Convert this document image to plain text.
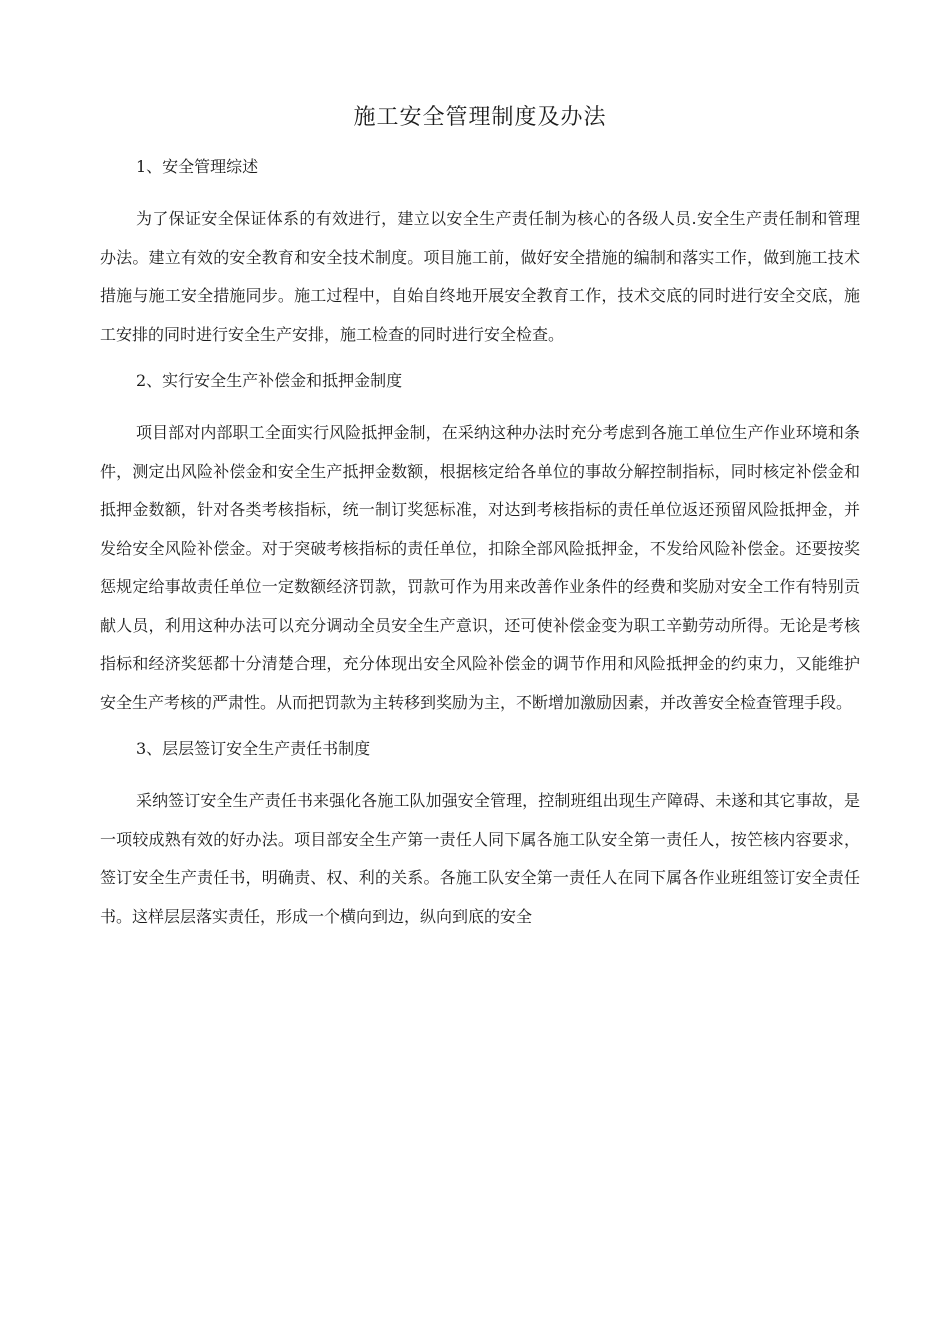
施工安全管理制度及办法
1、安全管理综述

为了保证安全保证体系的有效进行，建立以安全生产责任制为核心的各级人员.安全生产责任制和管理办法。建立有效的安全教育和安全技术制度。项目施工前，做好安全措施的编制和落实工作，做到施工技术措施与施工安全措施同步。施工过程中，自始自终地开展安全教育工作，技术交底的同时进行安全交底，施工安排的同时进行安全生产安排，施工检查的同时进行安全检查。

2、实行安全生产补偿金和抵押金制度

项目部对内部职工全面实行风险抵押金制，在采纳这种办法时充分考虑到各施工单位生产作业环境和条件，测定出风险补偿金和安全生产抵押金数额，根据核定给各单位的事故分解控制指标，同时核定补偿金和抵押金数额，针对各类考核指标，统一制订奖惩标准，对达到考核指标的责任单位返还预留风险抵押金，并发给安全风险补偿金。对于突破考核指标的责任单位，扣除全部风险抵押金，不发给风险补偿金。还要按奖惩规定给事故责任单位一定数额经济罚款，罚款可作为用来改善作业条件的经费和奖励对安全工作有特别贡献人员，利用这种办法可以充分调动全员安全生产意识，还可使补偿金变为职工辛勤劳动所得。无论是考核指标和经济奖惩都十分清楚合理，充分体现出安全风险补偿金的调节作用和风险抵押金的约束力，又能维护安全生产考核的严肃性。从而把罚款为主转移到奖励为主，不断增加激励因素，并改善安全检查管理手段。

3、层层签订安全生产责任书制度

采纳签订安全生产责任书来强化各施工队加强安全管理，控制班组出现生产障碍、未遂和其它事故，是一项较成熟有效的好办法。项目部安全生产第一责任人同下属各施工队安全第一责任人，按笀核内容要求，签订安全生产责任书，明确责、权、利的关系。各施工队安全第一责任人在同下属各作业班组签订安全责任书。这样层层落实责任，形成一个横向到边，纵向到底的安全
